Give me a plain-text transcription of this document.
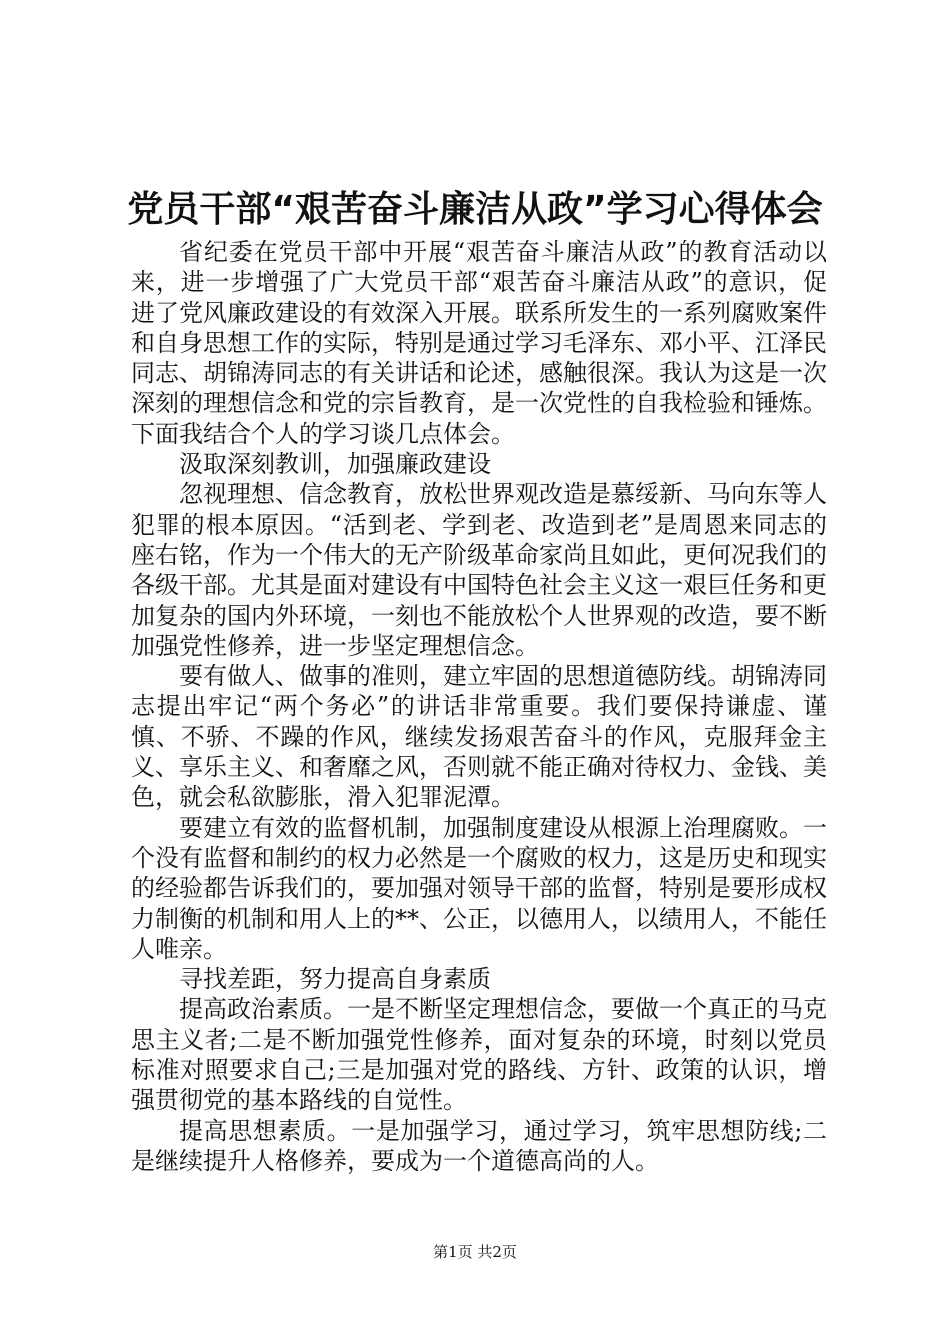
党员干部“艰苦奋斗廉洁从政”学习心得体会

省纪委在党员干部中开展“艰苦奋斗廉洁从政”的教育活动以来，进一步增强了广大党员干部“艰苦奋斗廉洁从政”的意识，促进了党风廉政建设的有效深入开展。联系所发生的一系列腐败案件和自身思想工作的实际，特别是通过学习毛泽东、邓小平、江泽民同志、胡锦涛同志的有关讲话和论述，感触很深。我认为这是一次深刻的理想信念和党的宗旨教育，是一次党性的自我检验和锤炼。下面我结合个人的学习谈几点体会。

汲取深刻教训，加强廉政建设

忽视理想、信念教育，放松世界观改造是慕绥新、马向东等人犯罪的根本原因。“活到老、学到老、改造到老”是周恩来同志的座右铭，作为一个伟大的无产阶级革命家尚且如此，更何况我们的各级干部。尤其是面对建设有中国特色社会主义这一艰巨任务和更加复杂的国内外环境，一刻也不能放松个人世界观的改造，要不断加强党性修养，进一步坚定理想信念。

要有做人、做事的准则，建立牢固的思想道德防线。胡锦涛同志提出牢记“两个务必”的讲话非常重要。我们要保持谦虚、谨慎、不骄、不躁的作风，继续发扬艰苦奋斗的作风，克服拜金主义、享乐主义、和奢靡之风，否则就不能正确对待权力、金钱、美色，就会私欲膨胀，滑入犯罪泥潭。

要建立有效的监督机制，加强制度建设从根源上治理腐败。一个没有监督和制约的权力必然是一个腐败的权力，这是历史和现实的经验都告诉我们的，要加强对领导干部的监督，特别是要形成权力制衡的机制和用人上的**、公正，以德用人，以绩用人，不能任人唯亲。

寻找差距，努力提高自身素质

提高政治素质。一是不断坚定理想信念，要做一个真正的马克思主义者;二是不断加强党性修养，面对复杂的环境，时刻以党员标准对照要求自己;三是加强对党的路线、方针、政策的认识，增强贯彻党的基本路线的自觉性。

提高思想素质。一是加强学习，通过学习，筑牢思想防线;二是继续提升人格修养，要成为一个道德高尚的人。

第1页 共2页
